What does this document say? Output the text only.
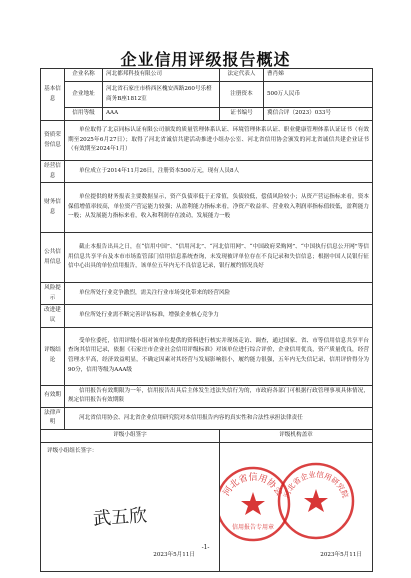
企业信用评级报告概述
基本信息	企业名称	河北都邦科技有限公司	法定代表人	曹肖娣
	企业地址	河北省石家庄市桥西区槐安西路260号乐橙商务B座1812室	注册资本	500万人民币
	信用等级	AAA	证书编号	冀信合评（2023）033号
资质荣誉信息	单位取得了北京同标认证有限公司颁发的质量管理体系认证、环境管理体系认证、职业健康管理体系认证证书（有效期至2025年6月27日）；取得了河北省诚信共建活动推进小组办公室、河北省信用协会颁发的河北省诚信共建企业证书（有效期至2024年1月）			
经营信息	单位成立于2014年11月26日，注册资本500万元，现有人员8人			
财务信息	单位提供的财务报表主要数据显示，资产负债率低于正常值，负债较低，偿债风险较小；从资产营运指标来看，资本保值增值率较高，单位资产营运能力较强；从盈利能力指标来看，净资产收益率、营业收入利润率指标值较低，盈利能力一般；从发展能力指标来看，收入和利润存在波动，发展能力一般			
公共信用信息	截止本报告出具之日，在“信用中国”、“信用河北”、“河北信用网”、“中国政府采购网”、“中国执行信息公开网”等信用信息共享平台及本市市场监管部门信用信息系统查询，未发现被评单位存在不良记录和失信信息；根据中国人民银行征信中心出具的单位信用报告，该单位五年内无不良信息记录，银行履约情况良好			
风险提示	单位所处行业竞争激烈，需关注行业市场变化带来的经营风险			
改进建议	单位所处行业需不断完善评估标准，增强企业核心竞争力			
评级结论	受单位委托，信用评级小组对该单位提供的资料进行核实并现场走访、调查，通过国家、省、市等信用信息共享平台查询其信用记录，依据《石家庄市企业社会信用评级标准》对该单位进行综合评价，企业信用优良，资产质量优良，经营管理水平高，经济效益明显，不确定因素对其经营与发展影响很小，履约能力很强，五年内无失信记录，信用评价得分为90分，信用等级为AAA级			
有效期	信用报告有效期限为一年，信用报告出具后主体发生违法失信行为的，市政府各部门可根据行政管理事项具体情况，规定信用报告有效期限			
法律声明	河北省信用协会、河北省企业信用研究院对本信用报告内容的真实性和合法性承担法律责任			
评级小组签字			评级机构盖章	

评级小组组长签字：
武五欣
2023年5月11日			河北省信用协会
信用报告专用章
河北省企业信用研究院
2023年5月11日	
-1-
